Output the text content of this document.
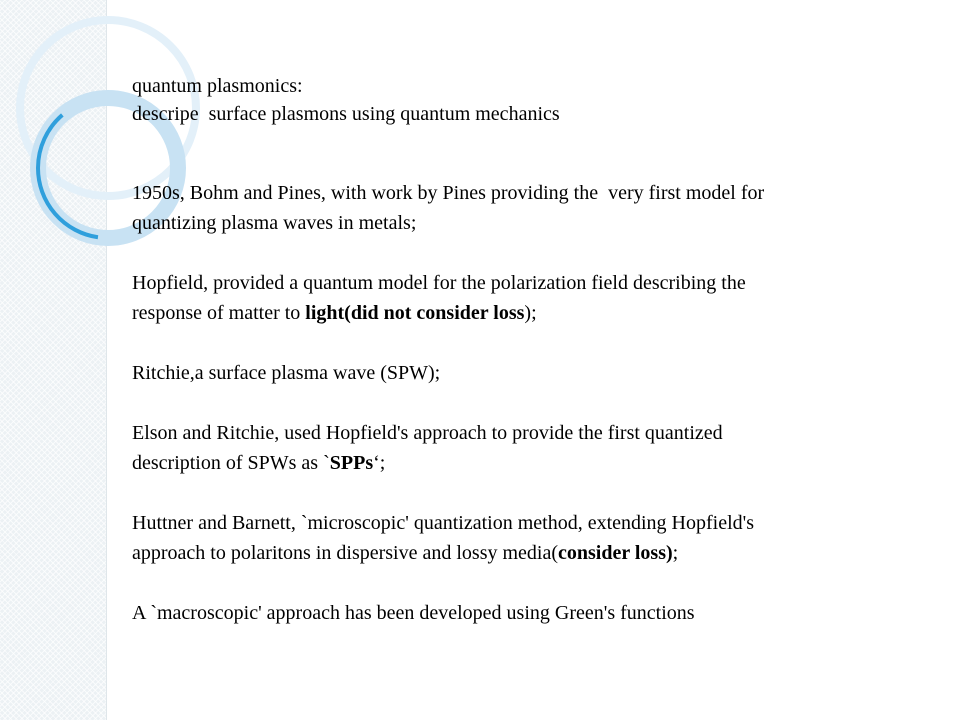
quantum plasmonics:
descripe  surface plasmons using quantum mechanics
1950s, Bohm and Pines, with work by Pines providing the  very first model for
quantizing plasma waves in metals;
Hopfield, provided a quantum model for the polarization field describing the
response of matter to light(did not consider loss);
Ritchie,a surface plasma wave (SPW);
Elson and Ritchie, used Hopfield's approach to provide the first quantized
description of SPWs as `SPPs‘;
Huttner and Barnett, `microscopic' quantization method, extending Hopfield's
approach to polaritons in dispersive and lossy media(consider loss);
A `macroscopic' approach has been developed using Green's functions
